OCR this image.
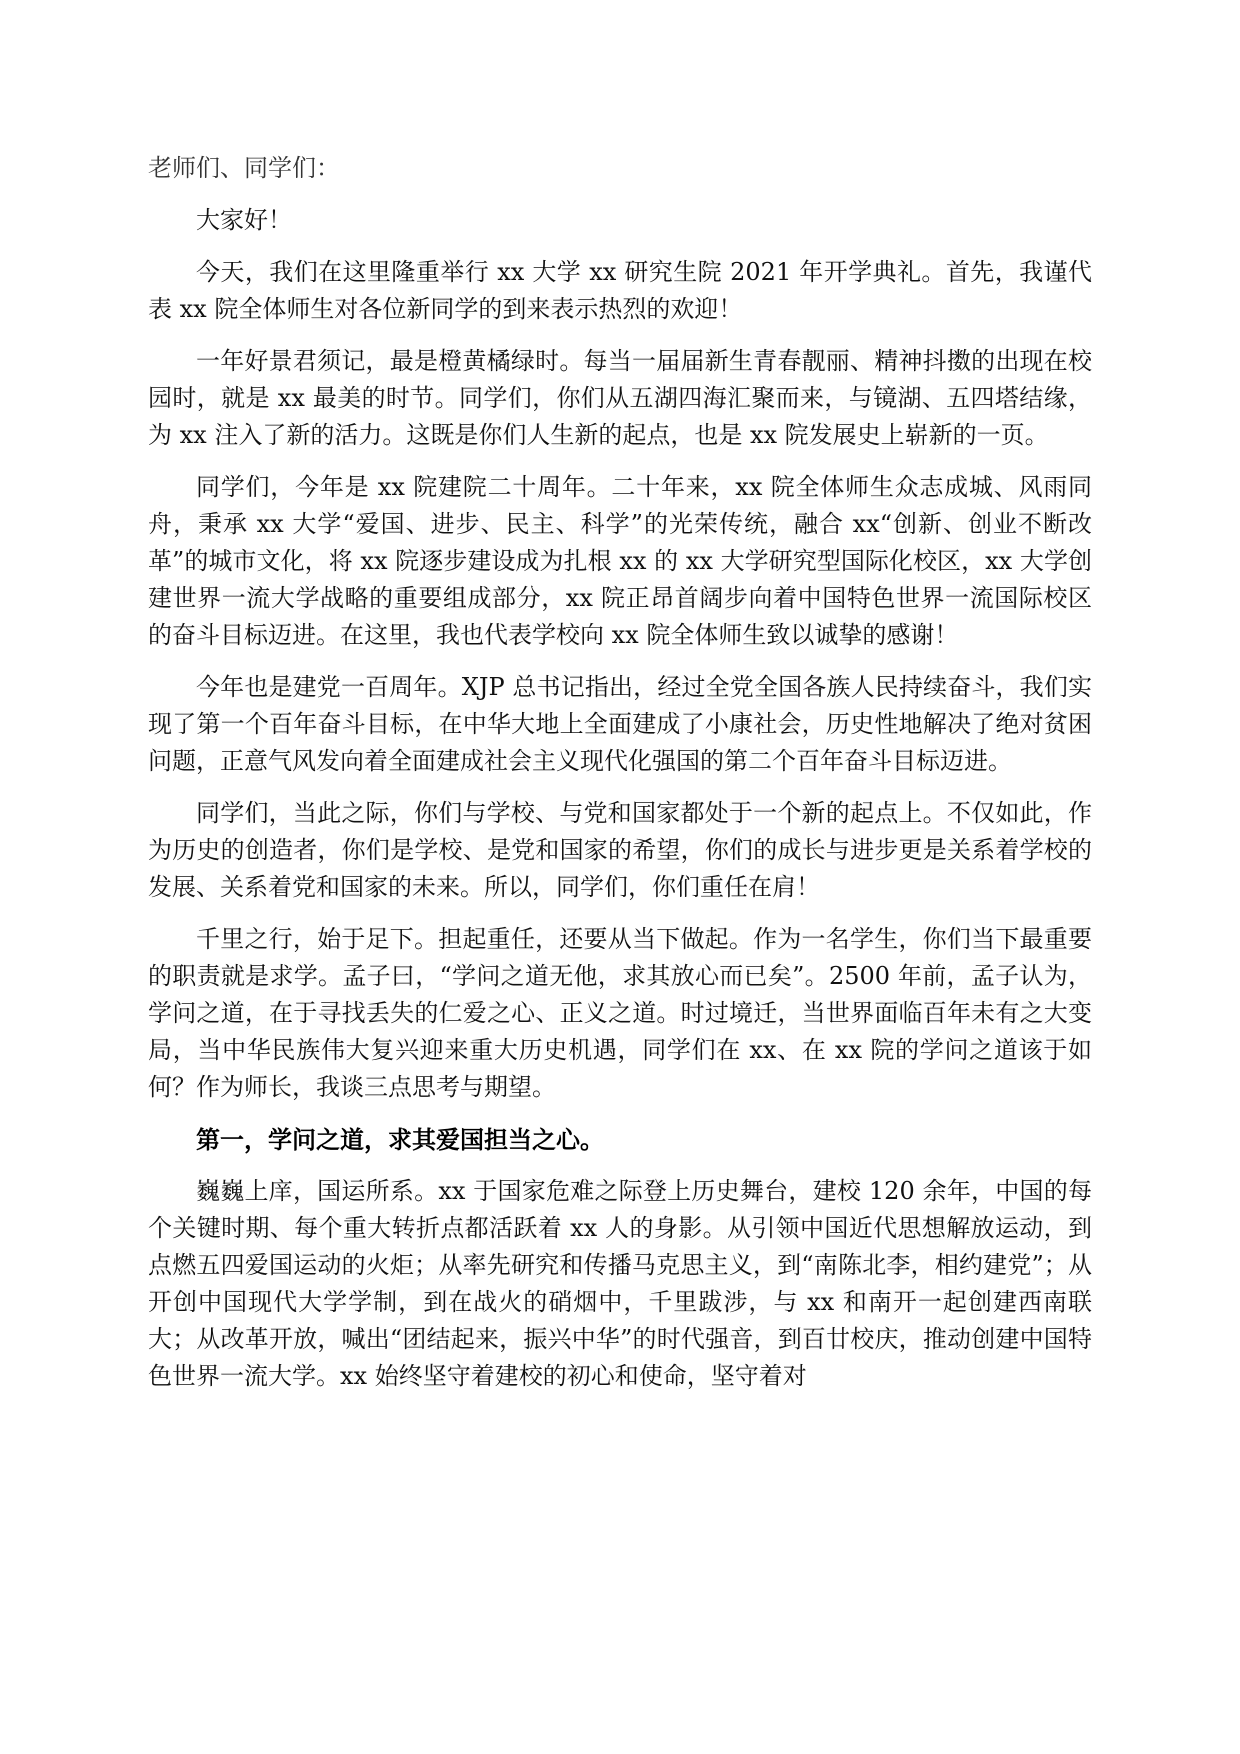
老师们、同学们：

大家好！

今天，我们在这里隆重举行 xx 大学 xx 研究生院 2021 年开学典礼。首先，我谨代表 xx 院全体师生对各位新同学的到来表示热烈的欢迎！

一年好景君须记，最是橙黄橘绿时。每当一届届新生青春靓丽、精神抖擞的出现在校园时，就是 xx 最美的时节。同学们，你们从五湖四海汇聚而来，与镜湖、五四塔结缘，为 xx 注入了新的活力。这既是你们人生新的起点，也是 xx 院发展史上崭新的一页。

同学们，今年是 xx 院建院二十周年。二十年来，xx 院全体师生众志成城、风雨同舟，秉承 xx 大学“爱国、进步、民主、科学”的光荣传统，融合 xx“创新、创业不断改革”的城市文化，将 xx 院逐步建设成为扎根 xx 的 xx 大学研究型国际化校区，xx 大学创建世界一流大学战略的重要组成部分，xx 院正昂首阔步向着中国特色世界一流国际校区的奋斗目标迈进。在这里，我也代表学校向 xx 院全体师生致以诚挚的感谢！

今年也是建党一百周年。XJP 总书记指出，经过全党全国各族人民持续奋斗，我们实现了第一个百年奋斗目标，在中华大地上全面建成了小康社会，历史性地解决了绝对贫困问题，正意气风发向着全面建成社会主义现代化强国的第二个百年奋斗目标迈进。

同学们，当此之际，你们与学校、与党和国家都处于一个新的起点上。不仅如此，作为历史的创造者，你们是学校、是党和国家的希望，你们的成长与进步更是关系着学校的发展、关系着党和国家的未来。所以，同学们，你们重任在肩！

千里之行，始于足下。担起重任，还要从当下做起。作为一名学生，你们当下最重要的职责就是求学。孟子曰，“学问之道无他，求其放心而已矣”。2500 年前，孟子认为，学问之道，在于寻找丢失的仁爱之心、正义之道。时过境迁，当世界面临百年未有之大变局，当中华民族伟大复兴迎来重大历史机遇，同学们在 xx、在 xx 院的学问之道该于如何？作为师长，我谈三点思考与期望。

第一，学问之道，求其爱国担当之心。

巍巍上庠，国运所系。xx 于国家危难之际登上历史舞台，建校 120 余年，中国的每个关键时期、每个重大转折点都活跃着 xx 人的身影。从引领中国近代思想解放运动，到点燃五四爱国运动的火炬；从率先研究和传播马克思主义，到“南陈北李，相约建党”；从开创中国现代大学学制，到在战火的硝烟中，千里跋涉，与 xx 和南开一起创建西南联大；从改革开放，喊出“团结起来，振兴中华”的时代强音，到百廿校庆，推动创建中国特色世界一流大学。xx 始终坚守着建校的初心和使命，坚守着对
